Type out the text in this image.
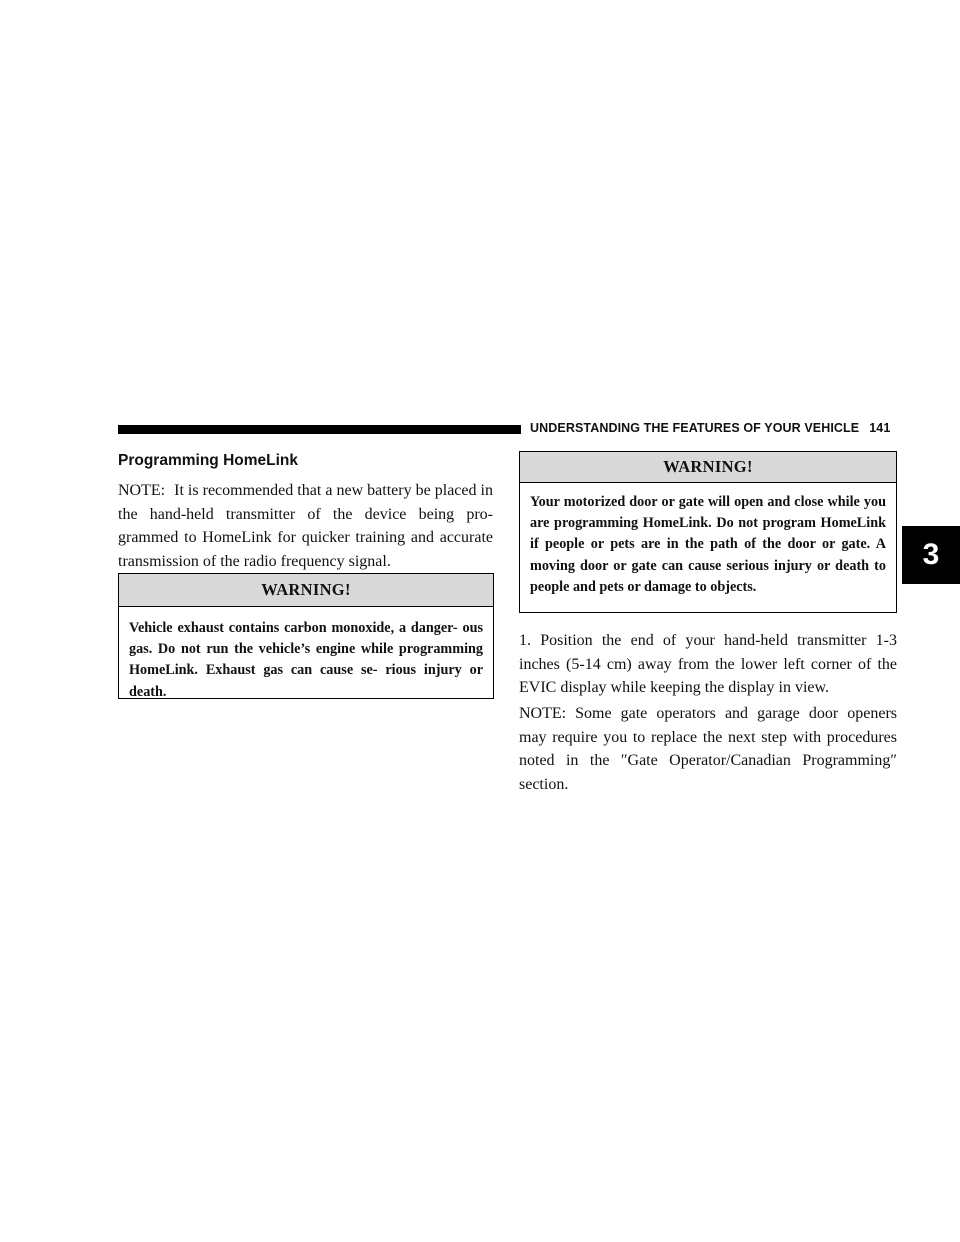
UNDERSTANDING THE FEATURES OF YOUR VEHICLE 141
3
Programming HomeLink

NOTE: It is recommended that a new battery be placed in the hand-held transmitter of the device being pro- grammed to HomeLink for quicker training and accurate transmission of the radio frequency signal.

WARNING!
Vehicle exhaust contains carbon monoxide, a danger- ous gas. Do not run the vehicle’s engine while programming HomeLink. Exhaust gas can cause se- rious injury or death.
WARNING!
Your motorized door or gate will open and close while you are programming HomeLink. Do not program HomeLink if people or pets are in the path of the door or gate. A moving door or gate can cause serious injury or death to people and pets or damage to objects.

1. Position the end of your hand-held transmitter 1-3 inches (5-14 cm) away from the lower left corner of the EVIC display while keeping the display in view.

NOTE: Some gate operators and garage door openers may require you to replace the next step with procedures noted in the ″Gate Operator/Canadian Programming″ section.
